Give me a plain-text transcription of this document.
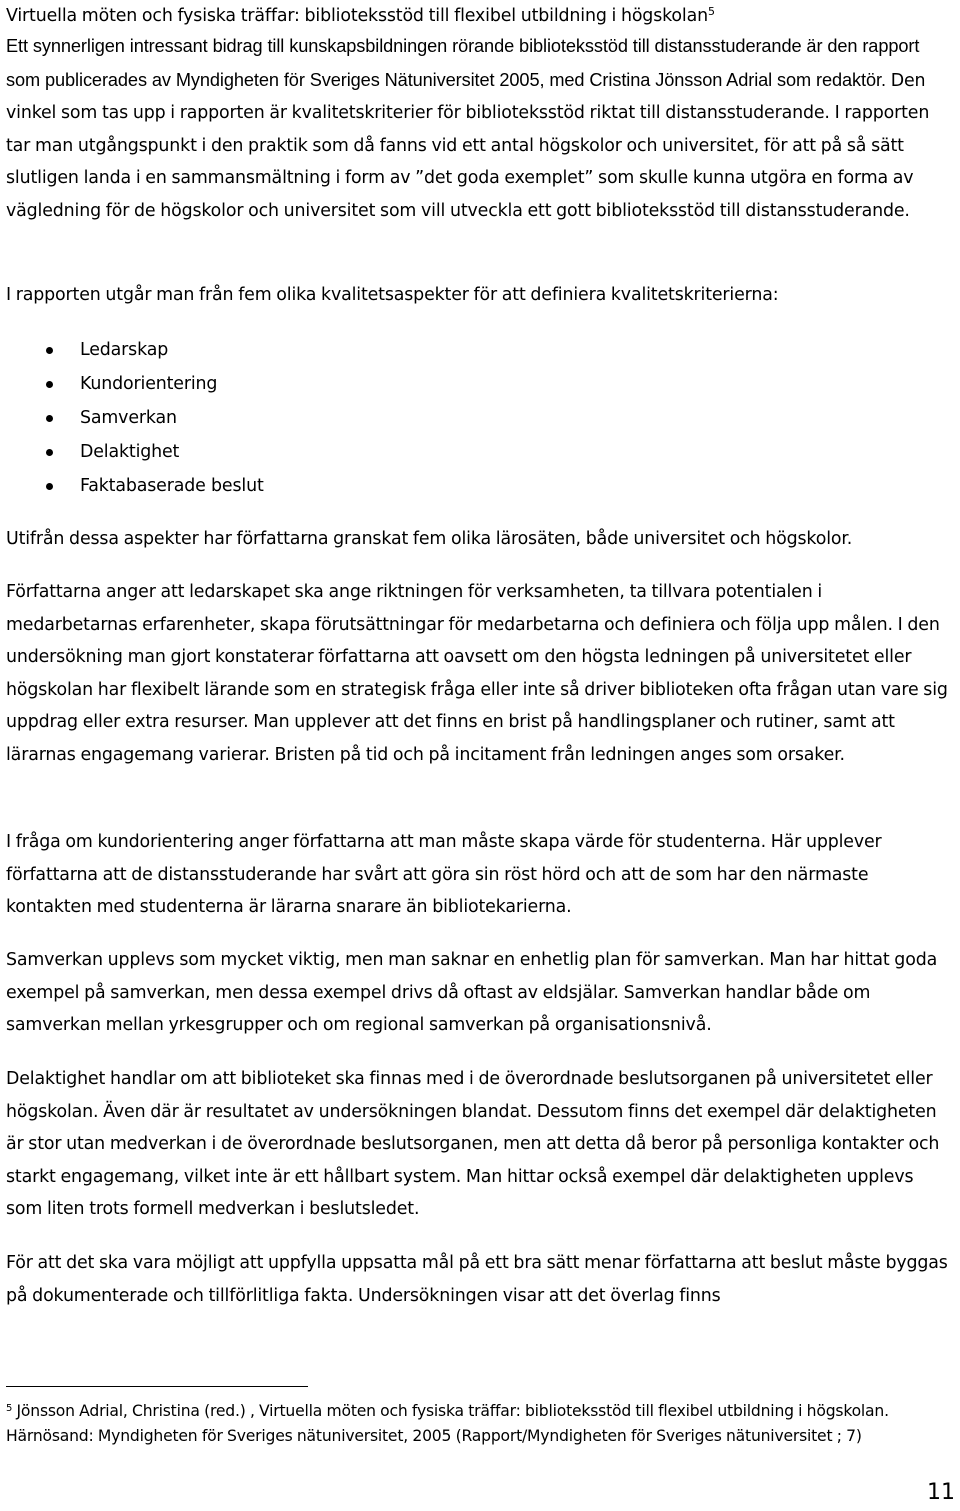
Virtuella möten och fysiska träffar: biblioteksstöd till flexibel utbildning i högskolan$^5$

Ett synnerligen intressant bidrag till kunskapsbildningen rörande biblioteksstöd till distansstuderande är den rapport som publicerades av Myndigheten för Sveriges Nätuniversitet 2005, med Cristina Jönsson Adrial som redaktör. Den vinkel som tas upp i rapporten är kvalitetskriterier för biblioteksstöd riktat till distansstuderande. I rapporten tar man utgångspunkt i den praktik som då fanns vid ett antal högskolor och universitet, för att på så sätt slutligen landa i en sammansmältning i form av ”det goda exemplet” som skulle kunna utgöra en forma av vägledning för de högskolor och universitet som vill utveckla ett gott biblioteksstöd till distansstuderande.

I rapporten utgår man från fem olika kvalitetsaspekter för att definiera kvalitetskriterierna:

Ledarskap
Kundorientering
Samverkan
Delaktighet
Faktabaserade beslut

Utifrån dessa aspekter har författarna granskat fem olika lärosäten, både universitet och högskolor.

Författarna anger att ledarskapet ska ange riktningen för verksamheten, ta tillvara potentialen i medarbetarnas erfarenheter, skapa förutsättningar för medarbetarna och definiera och följa upp målen. I den undersökning man gjort konstaterar författarna att oavsett om den högsta ledningen på universitetet eller högskolan har flexibelt lärande som en strategisk fråga eller inte så driver biblioteken ofta frågan utan vare sig uppdrag eller extra resurser. Man upplever att det finns en brist på handlingsplaner och rutiner, samt att lärarnas engagemang varierar. Bristen på tid och på incitament från ledningen anges som orsaker.

I fråga om kundorientering anger författarna att man måste skapa värde för studenterna. Här upplever författarna att de distansstuderande har svårt att göra sin röst hörd och att de som har den närmaste kontakten med studenterna är lärarna snarare än bibliotekarierna.

Samverkan upplevs som mycket viktig, men man saknar en enhetlig plan för samverkan. Man har hittat goda exempel på samverkan, men dessa exempel drivs då oftast av eldsjälar. Samverkan handlar både om samverkan mellan yrkesgrupper och om regional samverkan på organisationsnivå.

Delaktighet handlar om att biblioteket ska finnas med i de överordnade beslutsorganen på universitetet eller högskolan. Även där är resultatet av undersökningen blandat. Dessutom finns det exempel där delaktigheten är stor utan medverkan i de överordnade beslutsorganen, men att detta då beror på personliga kontakter och starkt engagemang, vilket inte är ett hållbart system. Man hittar också exempel där delaktigheten upplevs som liten trots formell medverkan i beslutsledet.

För att det ska vara möjligt att uppfylla uppsatta mål på ett bra sätt menar författarna att beslut måste byggas på dokumenterade och tillförlitliga fakta. Undersökningen visar att det överlag finns

$^5$ Jönsson Adrial, Christina (red.) , Virtuella möten och fysiska träffar: biblioteksstöd till flexibel utbildning i högskolan. Härnösand: Myndigheten för Sveriges nätuniversitet, 2005 (Rapport/Myndigheten för Sveriges nätuniversitet ; 7)

11
